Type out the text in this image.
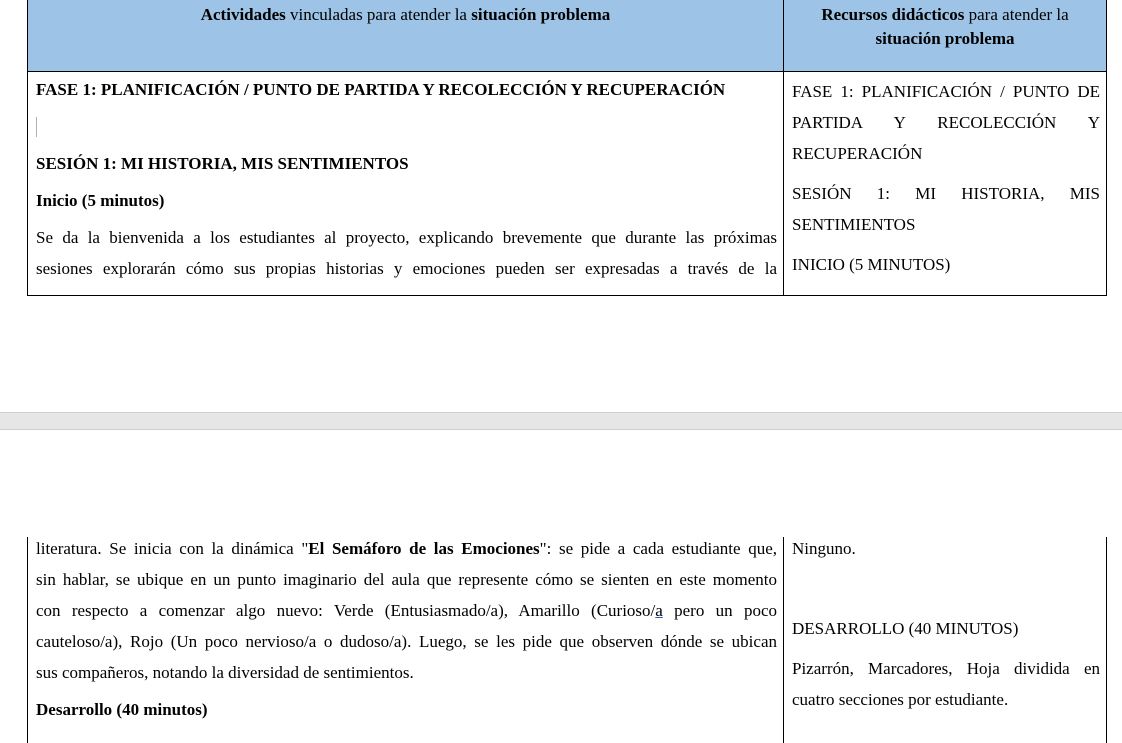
Actividades vinculadas para atender la situación problema	Recursos didácticos para atender la
situación problema
FASE 1: PLANIFICACIÓN / PUNTO DE PARTIDA Y RECOLECCIÓN Y RECUPERACIÓN
SESIÓN 1: MI HISTORIA, MIS SENTIMIENTOS
Inicio (5 minutos)
Se da la bienvenida a los estudiantes al proyecto, explicando brevemente que durante las próximas
sesiones explorarán cómo sus propias historias y emociones pueden ser expresadas a través de la
FASE 1: PLANIFICACIÓN / PUNTO DE
PARTIDA Y RECOLECCIÓN Y
RECUPERACIÓN
SESIÓN 1: MI HISTORIA, MIS
SENTIMIENTOS
INICIO (5 MINUTOS)
literatura. Se inicia con la dinámica "El Semáforo de las Emociones": se pide a cada estudiante que,
sin hablar, se ubique en un punto imaginario del aula que represente cómo se sienten en este momento
con respecto a comenzar algo nuevo: Verde (Entusiasmado/a), Amarillo (Curioso/a pero un poco
cauteloso/a), Rojo (Un poco nervioso/a o dudoso/a). Luego, se les pide que observen dónde se ubican
sus compañeros, notando la diversidad de sentimientos.
Desarrollo (40 minutos)
Ninguno.
DESARROLLO (40 MINUTOS)
Pizarrón, Marcadores, Hoja dividida en
cuatro secciones por estudiante.
